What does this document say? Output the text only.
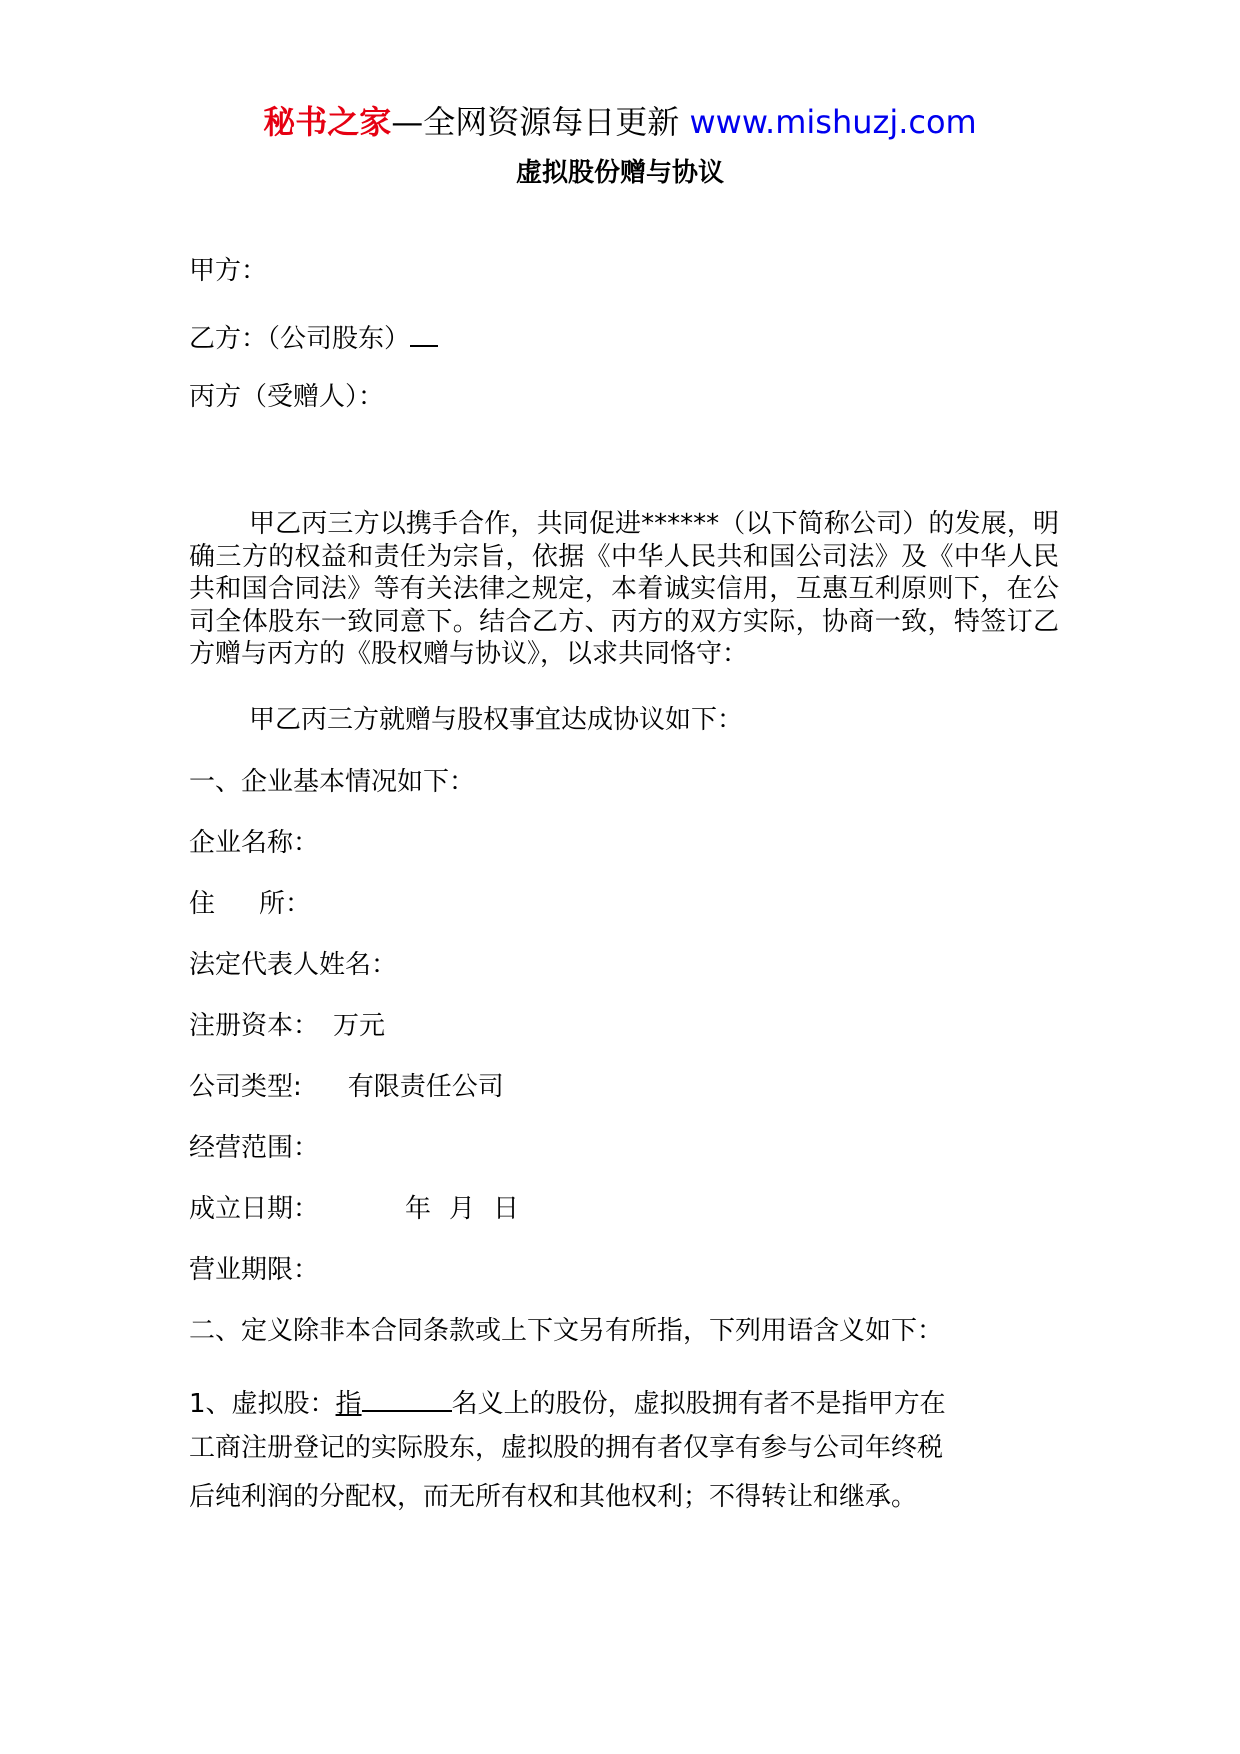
秘书之家—全网资源每日更新 www.mishuzj.com
虚拟股份赠与协议
甲方：
乙方：（公司股东）
丙方（受赠人）：
甲乙丙三方以携手合作，共同促进******（以下简称公司）的发展，明确三方的权益和责任为宗旨，依据《中华人民共和国公司法》及《中华人民共和国合同法》等有关法律之规定，本着诚实信用，互惠互利原则下，在公司全体股东一致同意下。结合乙方、丙方的双方实际，协商一致，特签订乙方赠与丙方的《股权赠与协议》，以求共同恪守：
甲乙丙三方就赠与股权事宜达成协议如下：
一、企业基本情况如下：
企业名称：
住 所：
法定代表人姓名：
注册资本： 万元
公司类型: 有限责任公司
经营范围：
成立日期：	年 月 日
营业期限：
二、定义除非本合同条款或上下文另有所指，下列用语含义如下：
1、虚拟股：指	名义上的股份，虚拟股拥有者不是指甲方在
工商注册登记的实际股东，虚拟股的拥有者仅享有参与公司年终税
后纯利润的分配权，而无所有权和其他权利；不得转让和继承。
